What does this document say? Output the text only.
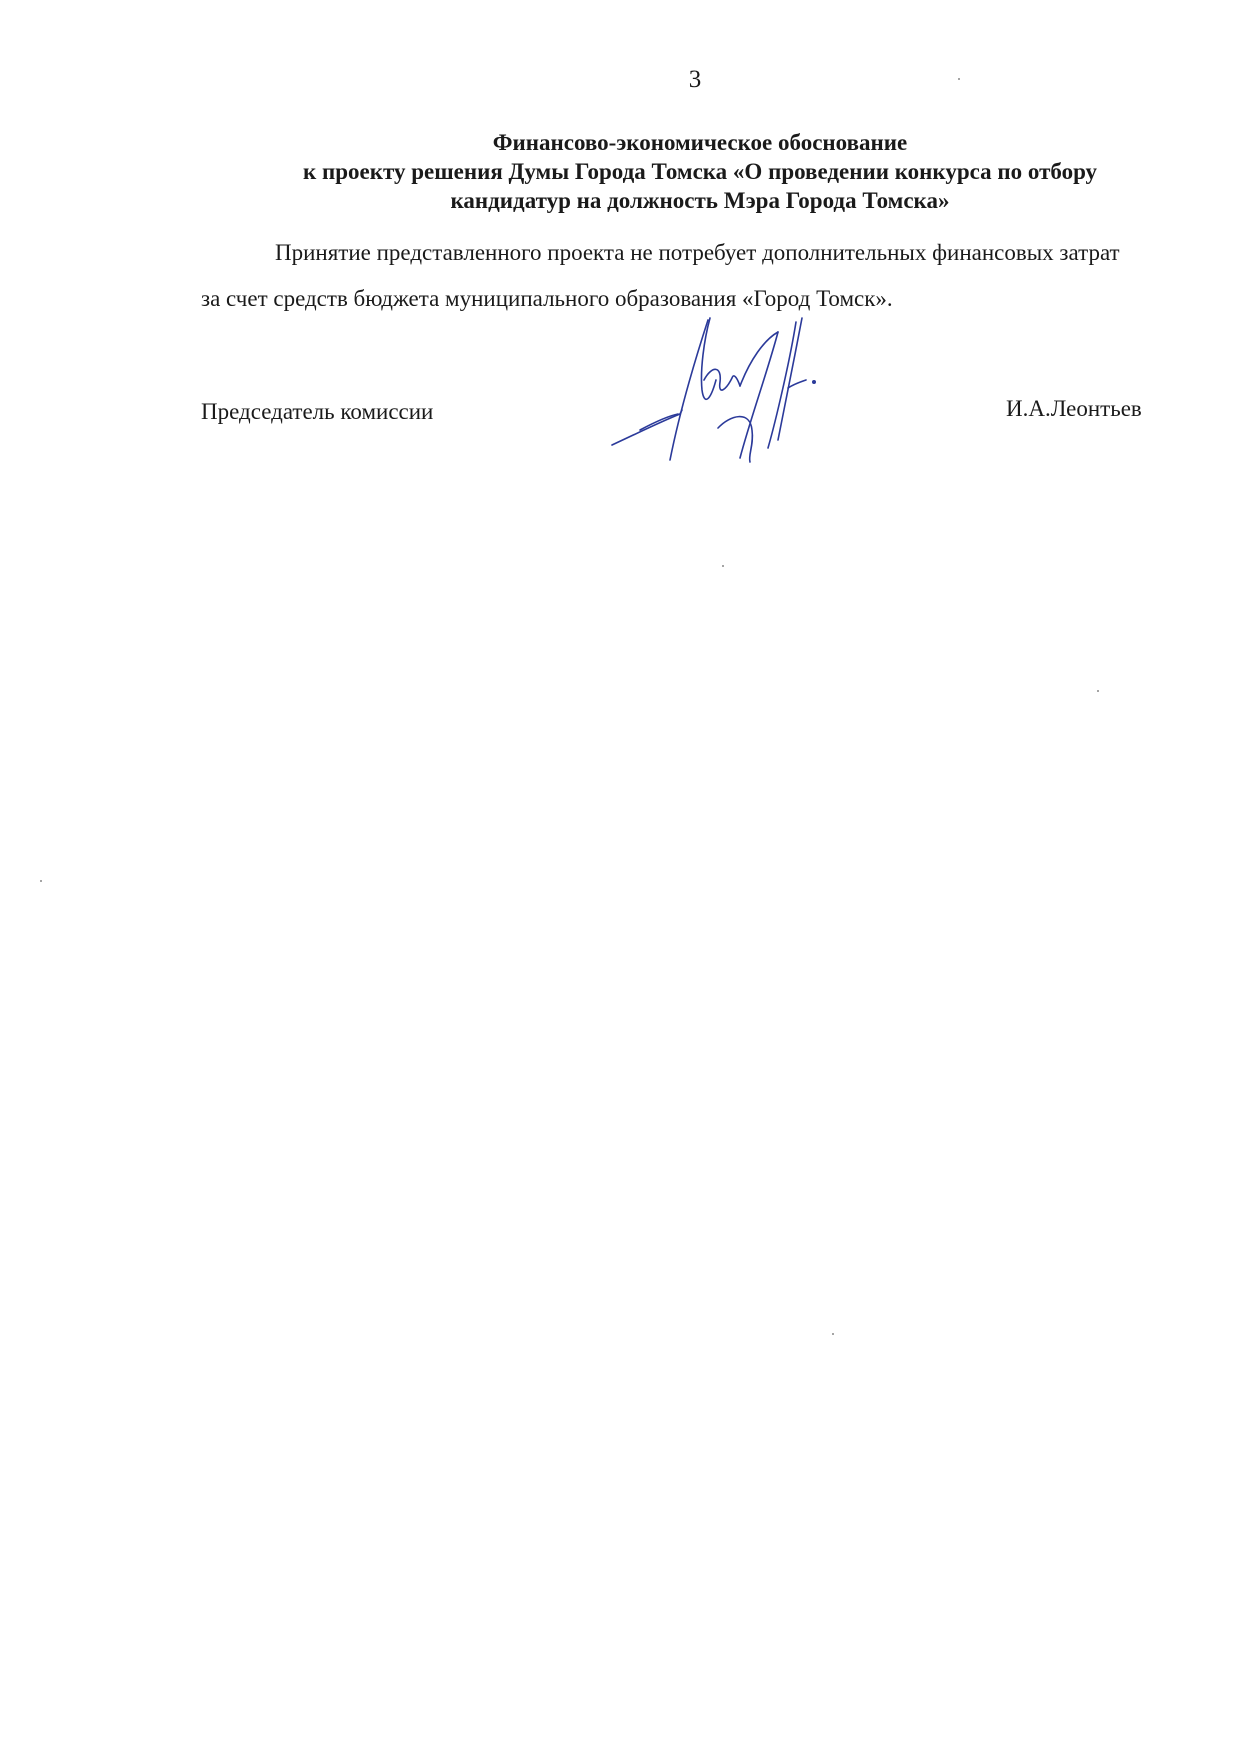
3
Финансово-экономическое обоснование
к проекту решения Думы Города Томска «О проведении конкурса по отбору
кандидатур на должность Мэра Города Томска»
Принятие представленного проекта не потребует дополнительных финансовых затрат
за счет средств бюджета муниципального образования «Город Томск».
Председатель комиссии	И.А.Леонтьев
